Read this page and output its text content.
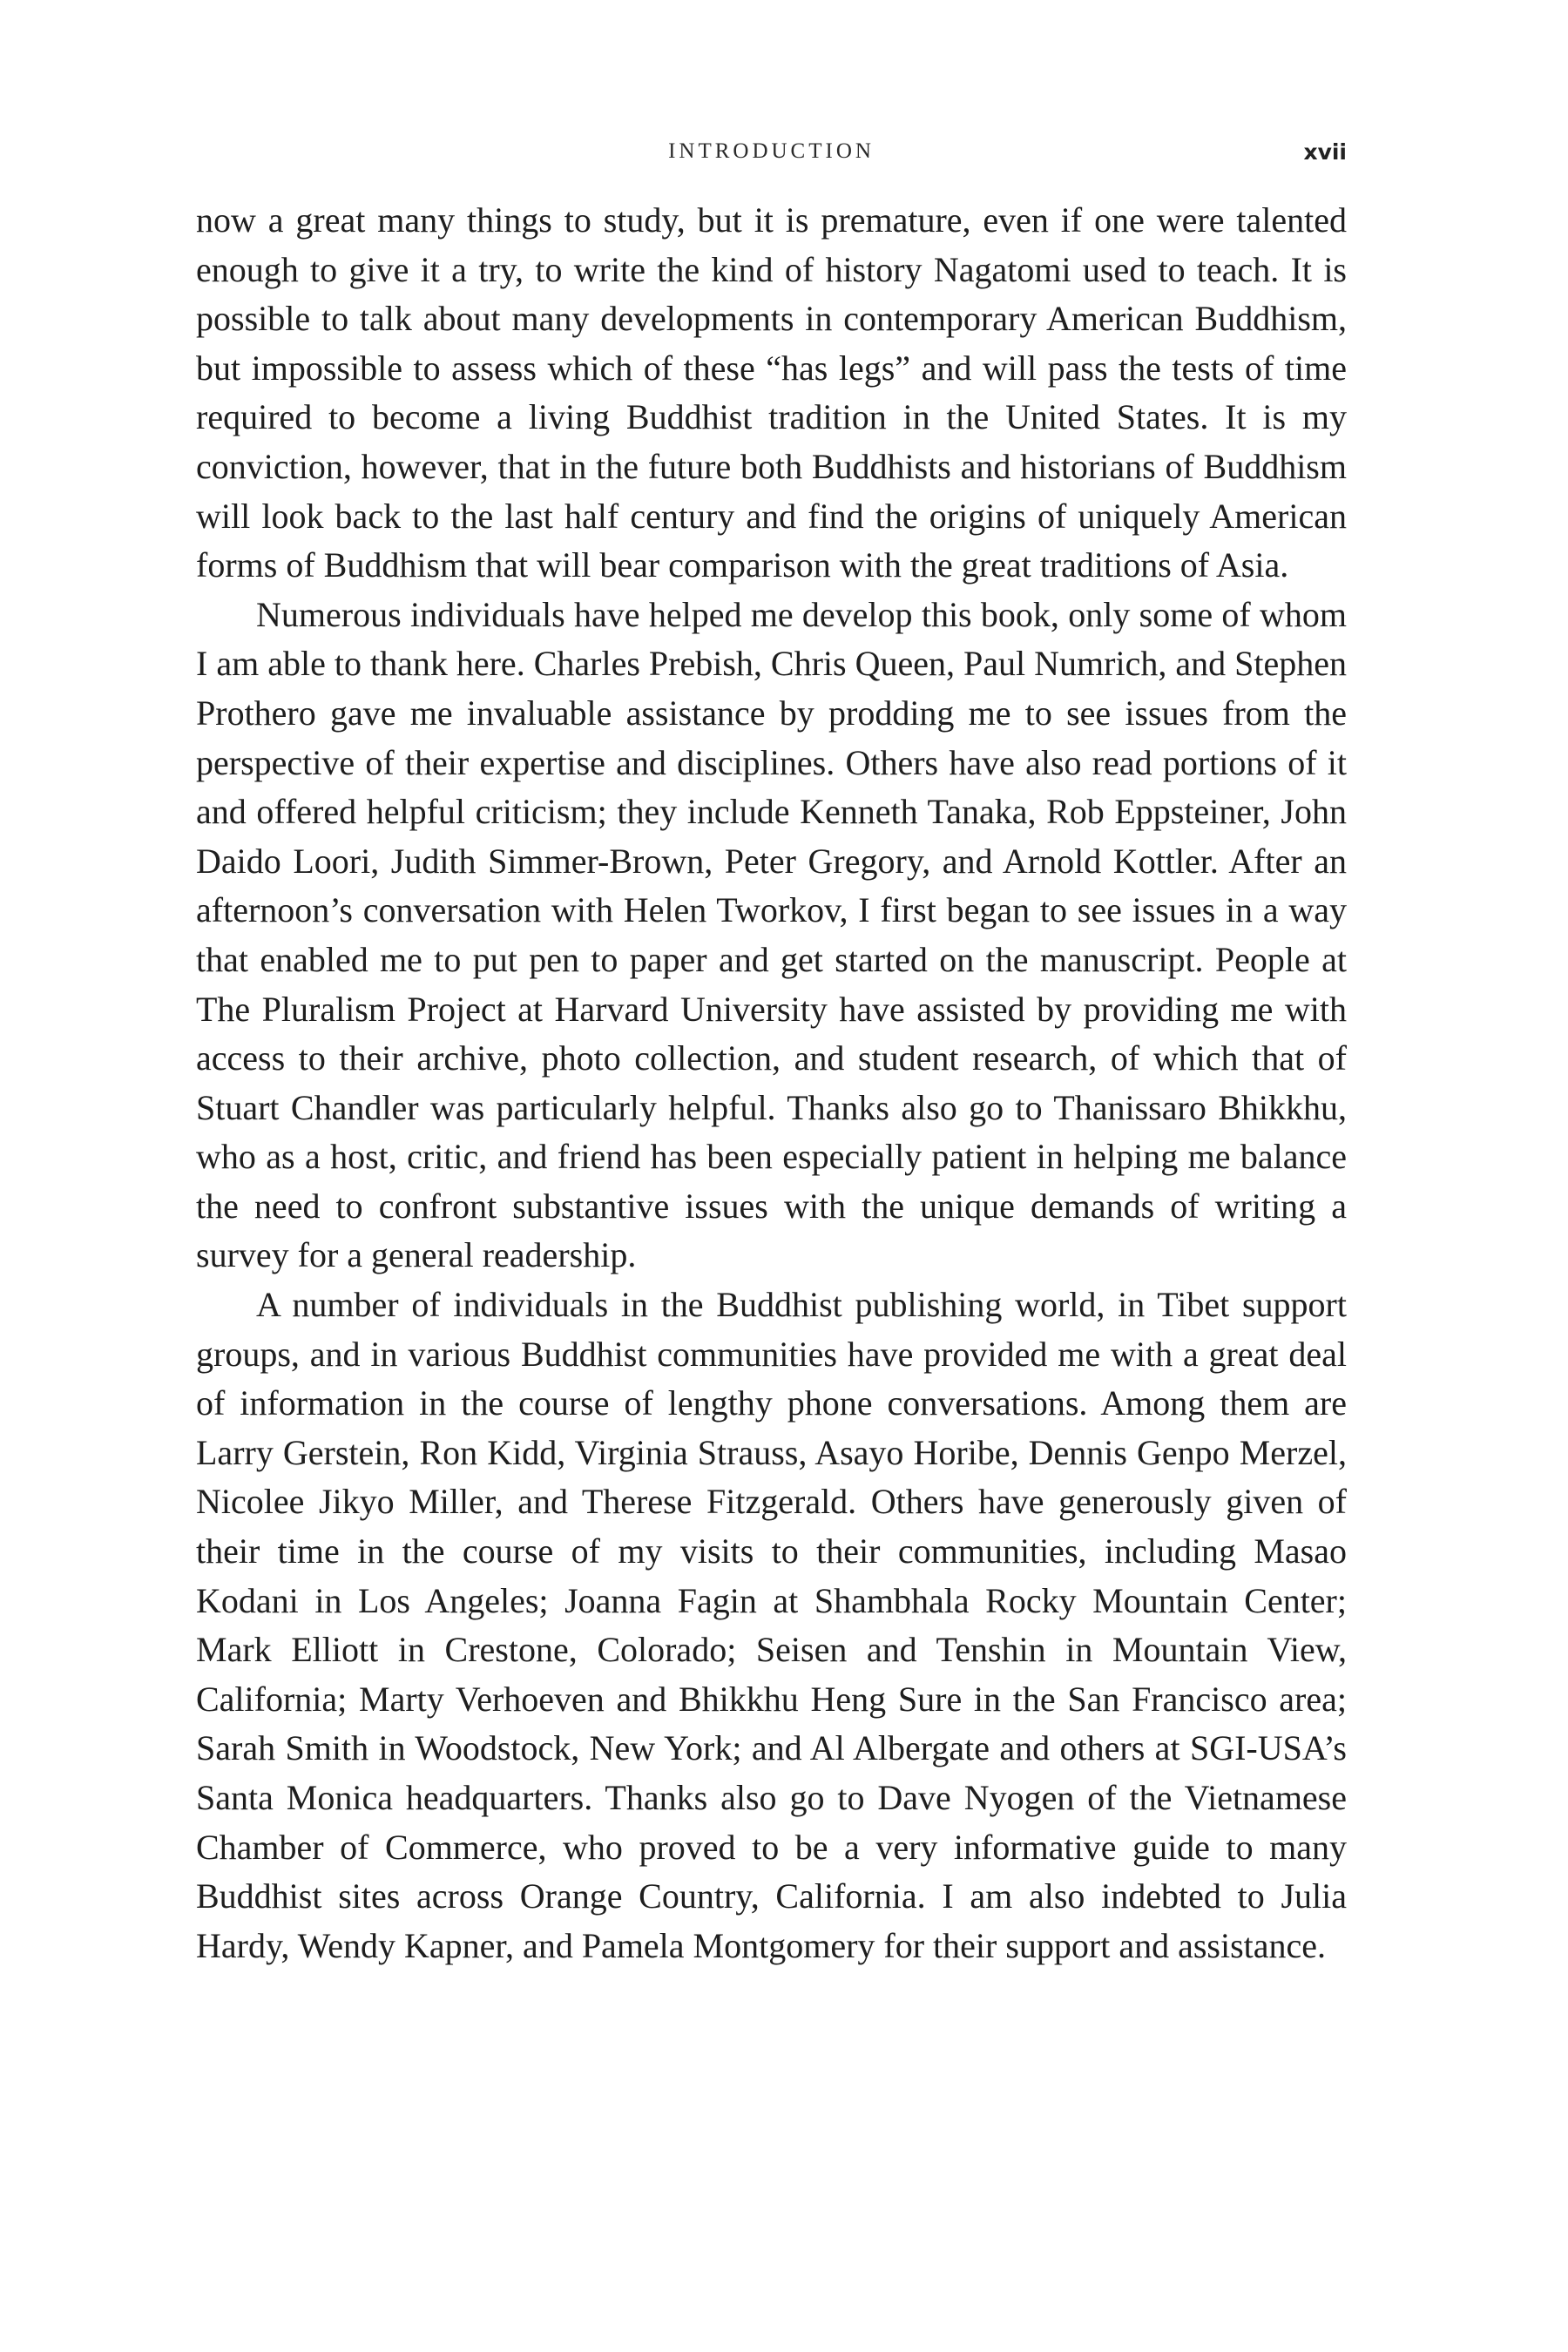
INTRODUCTION	xvii

now a great many things to study, but it is premature, even if one were talented enough to give it a try, to write the kind of history Nagatomi used to teach. It is possible to talk about many developments in contemporary American Buddhism, but impossible to assess which of these “has legs” and will pass the tests of time required to become a living Buddhist tradition in the United States. It is my conviction, however, that in the future both Buddhists and historians of Buddhism will look back to the last half century and find the origins of uniquely American forms of Buddhism that will bear comparison with the great traditions of Asia.

Numerous individuals have helped me develop this book, only some of whom I am able to thank here. Charles Prebish, Chris Queen, Paul Numrich, and Stephen Prothero gave me invaluable assistance by prodding me to see issues from the perspective of their expertise and disciplines. Others have also read portions of it and offered helpful criticism; they include Kenneth Tanaka, Rob Eppsteiner, John Daido Loori, Judith Simmer-Brown, Peter Gregory, and Arnold Kottler. After an afternoon’s conversation with Helen Tworkov, I first began to see issues in a way that enabled me to put pen to paper and get started on the manuscript. People at The Pluralism Project at Harvard University have assisted by providing me with access to their archive, photo collection, and student research, of which that of Stuart Chandler was particularly helpful. Thanks also go to Thanissaro Bhikkhu, who as a host, critic, and friend has been especially patient in helping me balance the need to confront substantive issues with the unique demands of writing a survey for a general readership.

A number of individuals in the Buddhist publishing world, in Tibet support groups, and in various Buddhist communities have provided me with a great deal of information in the course of lengthy phone conversations. Among them are Larry Gerstein, Ron Kidd, Virginia Strauss, Asayo Horibe, Dennis Genpo Merzel, Nicolee Jikyo Miller, and Therese Fitzgerald. Others have generously given of their time in the course of my visits to their communities, including Masao Kodani in Los Angeles; Joanna Fagin at Shambhala Rocky Mountain Center; Mark Elliott in Crestone, Colorado; Seisen and Tenshin in Mountain View, California; Marty Verhoeven and Bhikkhu Heng Sure in the San Francisco area; Sarah Smith in Woodstock, New York; and Al Albergate and others at SGI-USA’s Santa Monica headquarters. Thanks also go to Dave Nyogen of the Vietnamese Chamber of Commerce, who proved to be a very informative guide to many Buddhist sites across Orange Country, California. I am also indebted to Julia Hardy, Wendy Kapner, and Pamela Montgomery for their support and assistance.
